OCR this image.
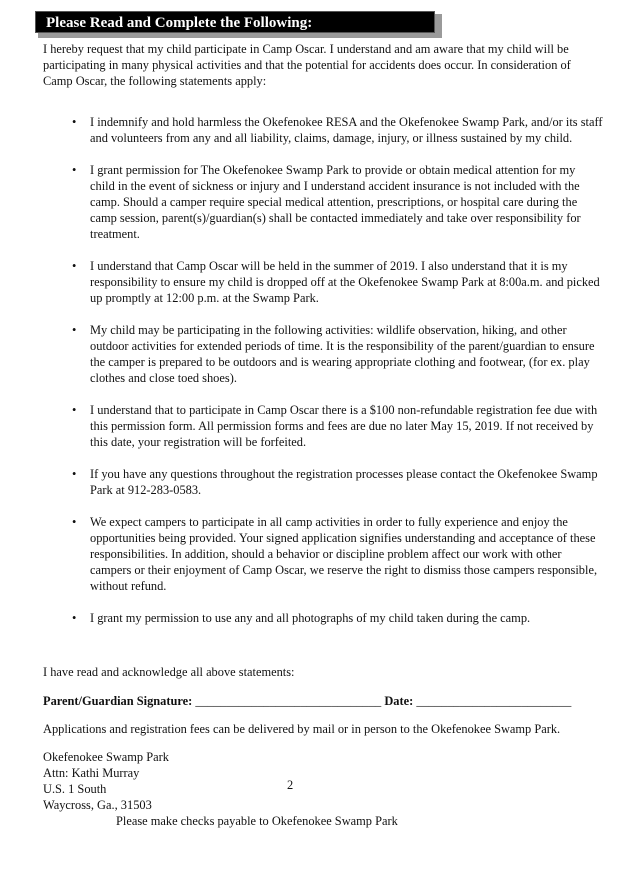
Please Read and Complete the Following:

I hereby request that my child participate in Camp Oscar. I understand and am aware that my child will be participating in many physical activities and that the potential for accidents does occur. In consideration of Camp Oscar, the following statements apply:

• I indemnify and hold harmless the Okefenokee RESA and the Okefenokee Swamp Park, and/or its staff and volunteers from any and all liability, claims, damage, injury, or illness sustained by my child.
• I grant permission for The Okefenokee Swamp Park to provide or obtain medical attention for my child in the event of sickness or injury and I understand accident insurance is not included with the camp. Should a camper require special medical attention, prescriptions, or hospital care during the camp session, parent(s)/guardian(s) shall be contacted immediately and take over responsibility for treatment.
• I understand that Camp Oscar will be held in the summer of 2019. I also understand that it is my responsibility to ensure my child is dropped off at the Okefenokee Swamp Park at 8:00a.m. and picked up promptly at 12:00 p.m. at the Swamp Park.
• My child may be participating in the following activities: wildlife observation, hiking, and other outdoor activities for extended periods of time. It is the responsibility of the parent/guardian to ensure the camper is prepared to be outdoors and is wearing appropriate clothing and footwear, (for ex. play clothes and close toed shoes).
• I understand that to participate in Camp Oscar there is a $100 non-refundable registration fee due with this permission form. All permission forms and fees are due no later May 15, 2019. If not received by this date, your registration will be forfeited.
• If you have any questions throughout the registration processes please contact the Okefenokee Swamp Park at 912-283-0583.
• We expect campers to participate in all camp activities in order to fully experience and enjoy the opportunities being provided. Your signed application signifies understanding and acceptance of these responsibilities. In addition, should a behavior or discipline problem affect our work with other campers or their enjoyment of Camp Oscar, we reserve the right to dismiss those campers responsible, without refund.
• I grant my permission to use any and all photographs of my child taken during the camp.
I have read and acknowledge all above statements:
Parent/Guardian Signature: ______________________________ Date: _________________________
Applications and registration fees can be delivered by mail or in person to the Okefenokee Swamp Park.
Okefenokee Swamp Park
Attn: Kathi Murray
U.S. 1 South
Waycross, Ga., 31503
Please make checks payable to Okefenokee Swamp Park
2
